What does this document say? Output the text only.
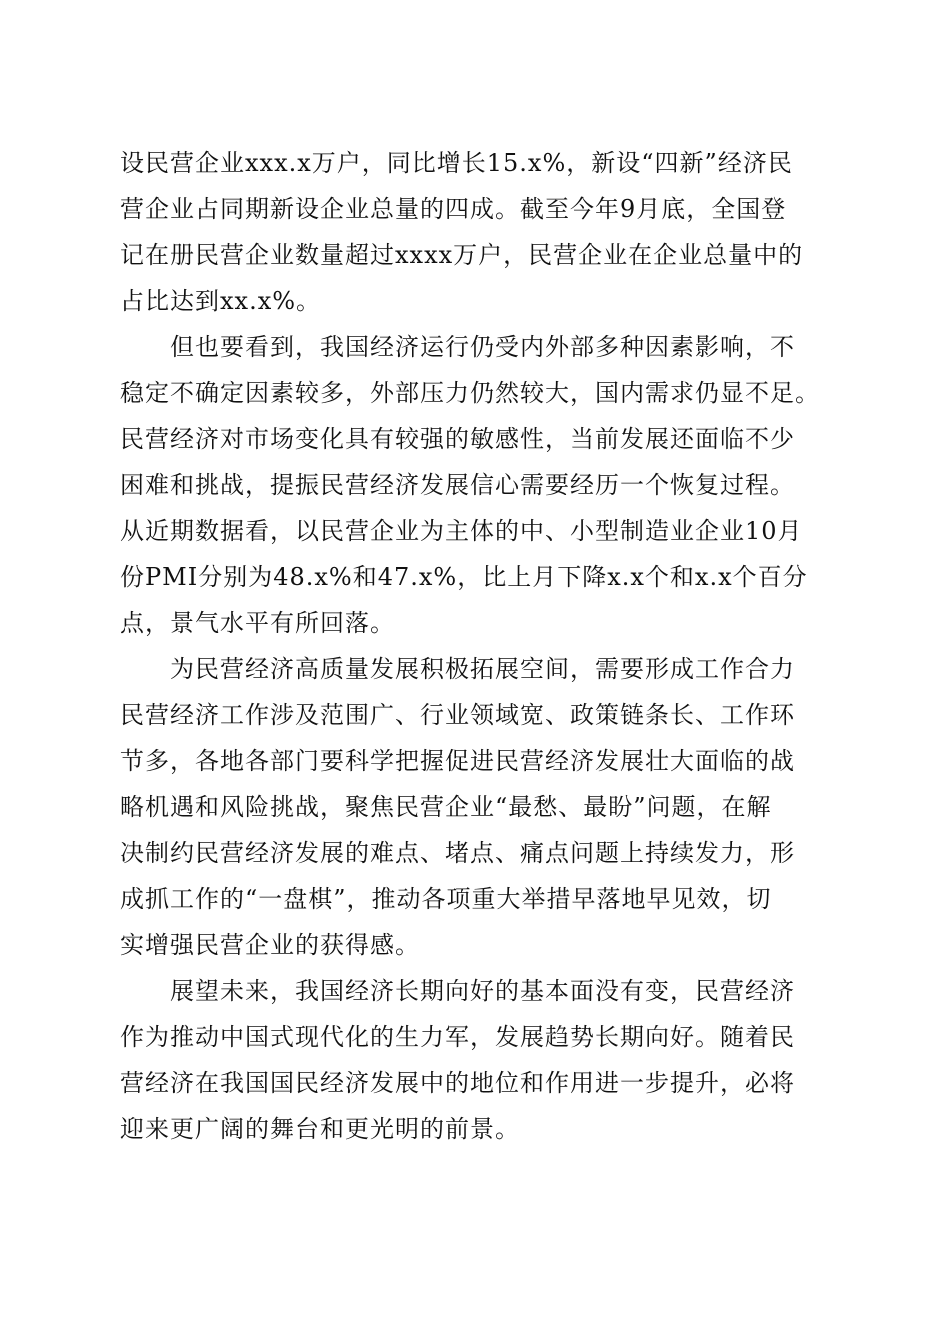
设民营企业xxx.x万户，同比增长15.x%，新设“四新”经济民
营企业占同期新设企业总量的四成。截至今年9月底，全国登
记在册民营企业数量超过xxxx万户，民营企业在企业总量中的
占比达到xx.x%。
但也要看到，我国经济运行仍受内外部多种因素影响，不
稳定不确定因素较多，外部压力仍然较大，国内需求仍显不足。
民营经济对市场变化具有较强的敏感性，当前发展还面临不少
困难和挑战，提振民营经济发展信心需要经历一个恢复过程。
从近期数据看，以民营企业为主体的中、小型制造业企业10月
份PMI分别为48.x%和47.x%，比上月下降x.x个和x.x个百分
点，景气水平有所回落。
为民营经济高质量发展积极拓展空间，需要形成工作合力
民营经济工作涉及范围广、行业领域宽、政策链条长、工作环
节多，各地各部门要科学把握促进民营经济发展壮大面临的战
略机遇和风险挑战，聚焦民营企业“最愁、最盼”问题，在解
决制约民营经济发展的难点、堵点、痛点问题上持续发力，形
成抓工作的“一盘棋”，推动各项重大举措早落地早见效，切
实增强民营企业的获得感。
展望未来，我国经济长期向好的基本面没有变，民营经济
作为推动中国式现代化的生力军，发展趋势长期向好。随着民
营经济在我国国民经济发展中的地位和作用进一步提升，必将
迎来更广阔的舞台和更光明的前景。
